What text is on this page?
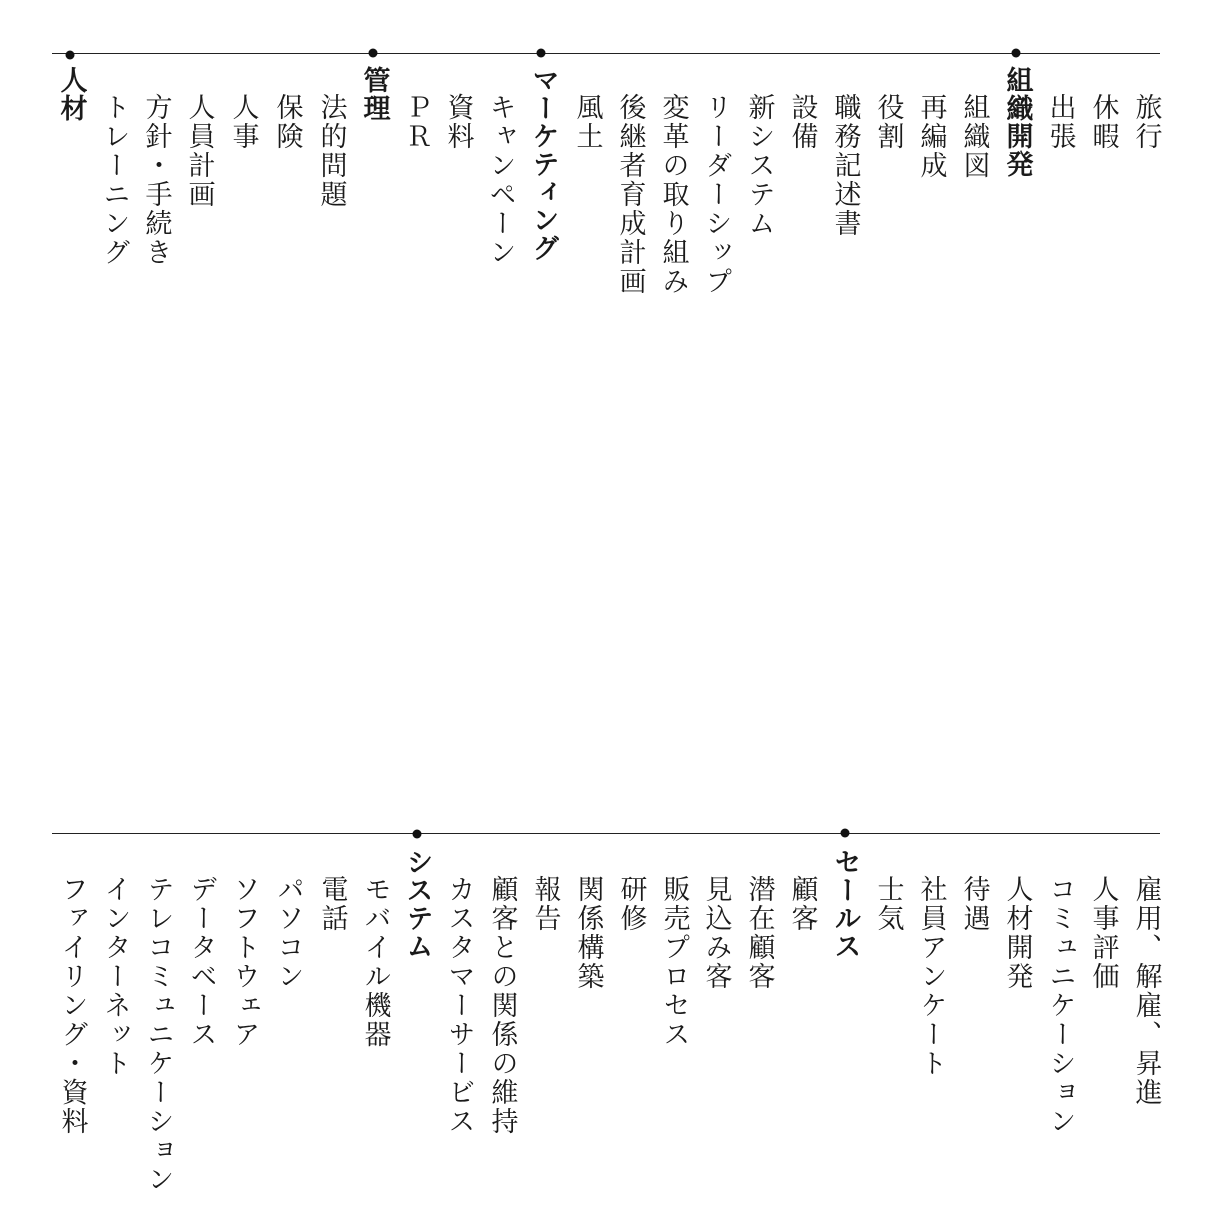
旅行
休暇
出張
組織開発
組織図
再編成
役割
職務記述書
設備
新システム
リーダーシップ
変革の取り組み
後継者育成計画
風土
マーケティング
キャンペーン
資料
ＰＲ
管理
法的問題
保険
人事
人員計画
方針・手続き
トレーニング
人材
雇用、解雇、昇進
人事評価
コミュニケーション
人材開発
待遇
社員アンケート
士気
セールス
顧客
潜在顧客
見込み客
販売プロセス
研修
関係構築
報告
顧客との関係の維持
カスタマーサービス
システム
モバイル機器
電話
パソコン
ソフトウェア
データベース
テレコミュニケーション
インターネット
ファイリング・資料
